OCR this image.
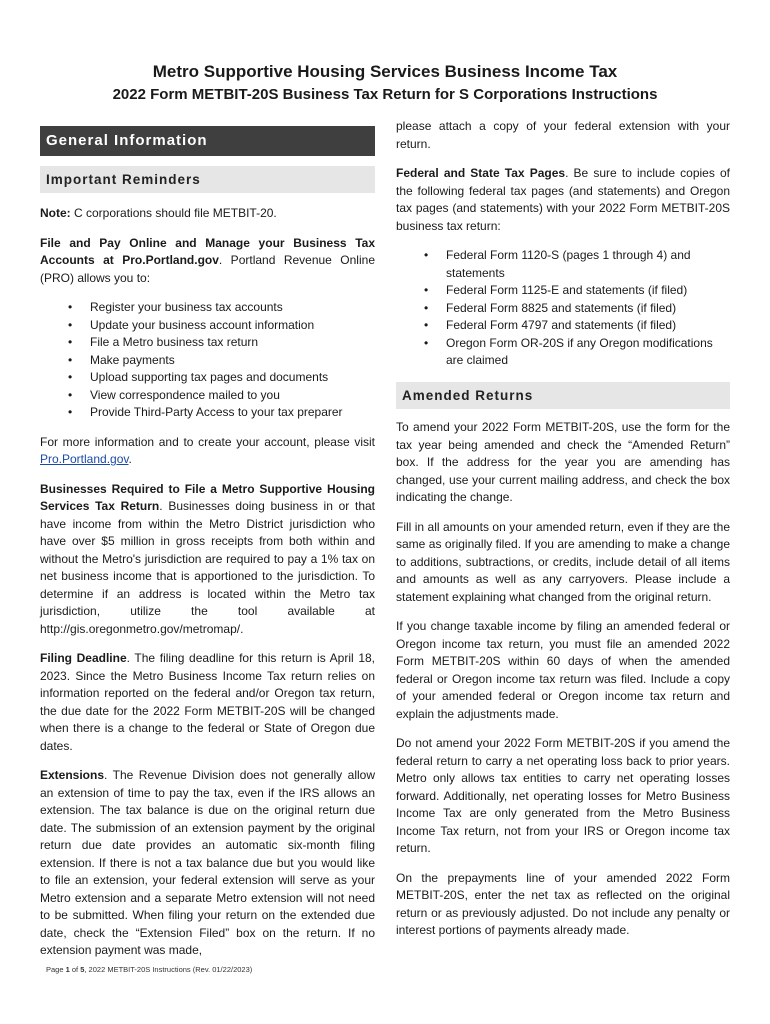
Metro Supportive Housing Services Business Income Tax
2022 Form METBIT-20S Business Tax Return for S Corporations Instructions
General Information
Important Reminders

Note: C corporations should file METBIT-20.

File and Pay Online and Manage your Business Tax Accounts at Pro.Portland.gov. Portland Revenue Online (PRO) allows you to:

• Register your business tax accounts
• Update your business account information
• File a Metro business tax return
• Make payments
• Upload supporting tax pages and documents
• View correspondence mailed to you
• Provide Third-Party Access to your tax preparer

For more information and to create your account, please visit Pro.Portland.gov.

Businesses Required to File a Metro Supportive Housing Services Tax Return. Businesses doing business in or that have income from within the Metro District jurisdiction who have over $5 million in gross receipts from both within and without the Metro's jurisdiction are required to pay a 1% tax on net business income that is apportioned to the jurisdiction. To determine if an address is located within the Metro tax jurisdiction, utilize the tool available at http://gis.oregonmetro.gov/metromap/.

Filing Deadline. The filing deadline for this return is April 18, 2023. Since the Metro Business Income Tax return relies on information reported on the federal and/or Oregon tax return, the due date for the 2022 Form METBIT-20S will be changed when there is a change to the federal or State of Oregon due dates.

Extensions. The Revenue Division does not generally allow an extension of time to pay the tax, even if the IRS allows an extension. The tax balance is due on the original return due date. The submission of an extension payment by the original return due date provides an automatic six-month filing extension. If there is not a tax balance due but you would like to file an extension, your federal extension will serve as your Metro extension and a separate Metro extension will not need to be submitted. When filing your return on the extended due date, check the “Extension Filed” box on the return. If no extension payment was made,

please attach a copy of your federal extension with your return.

Federal and State Tax Pages. Be sure to include copies of the following federal tax pages (and statements) and Oregon tax pages (and statements) with your 2022 Form METBIT-20S business tax return:

• Federal Form 1120-S (pages 1 through 4) and statements
• Federal Form 1125-E and statements (if filed)
• Federal Form 8825 and statements (if filed)
• Federal Form 4797 and statements (if filed)
• Oregon Form OR-20S if any Oregon modifications are claimed
Amended Returns

To amend your 2022 Form METBIT-20S, use the form for the tax year being amended and check the “Amended Return” box. If the address for the year you are amending has changed, use your current mailing address, and check the box indicating the change.

Fill in all amounts on your amended return, even if they are the same as originally filed. If you are amending to make a change to additions, subtractions, or credits, include detail of all items and amounts as well as any carryovers. Please include a statement explaining what changed from the original return.

If you change taxable income by filing an amended federal or Oregon income tax return, you must file an amended 2022 Form METBIT-20S within 60 days of when the amended federal or Oregon income tax return was filed. Include a copy of your amended federal or Oregon income tax return and explain the adjustments made.

Do not amend your 2022 Form METBIT-20S if you amend the federal return to carry a net operating loss back to prior years. Metro only allows tax entities to carry net operating losses forward. Additionally, net operating losses for Metro Business Income Tax are only generated from the Metro Business Income Tax return, not from your IRS or Oregon income tax return.

On the prepayments line of your amended 2022 Form METBIT-20S, enter the net tax as reflected on the original return or as previously adjusted. Do not include any penalty or interest portions of payments already made.

Page 1 of 5, 2022 METBIT-20S Instructions (Rev. 01/22/2023)
